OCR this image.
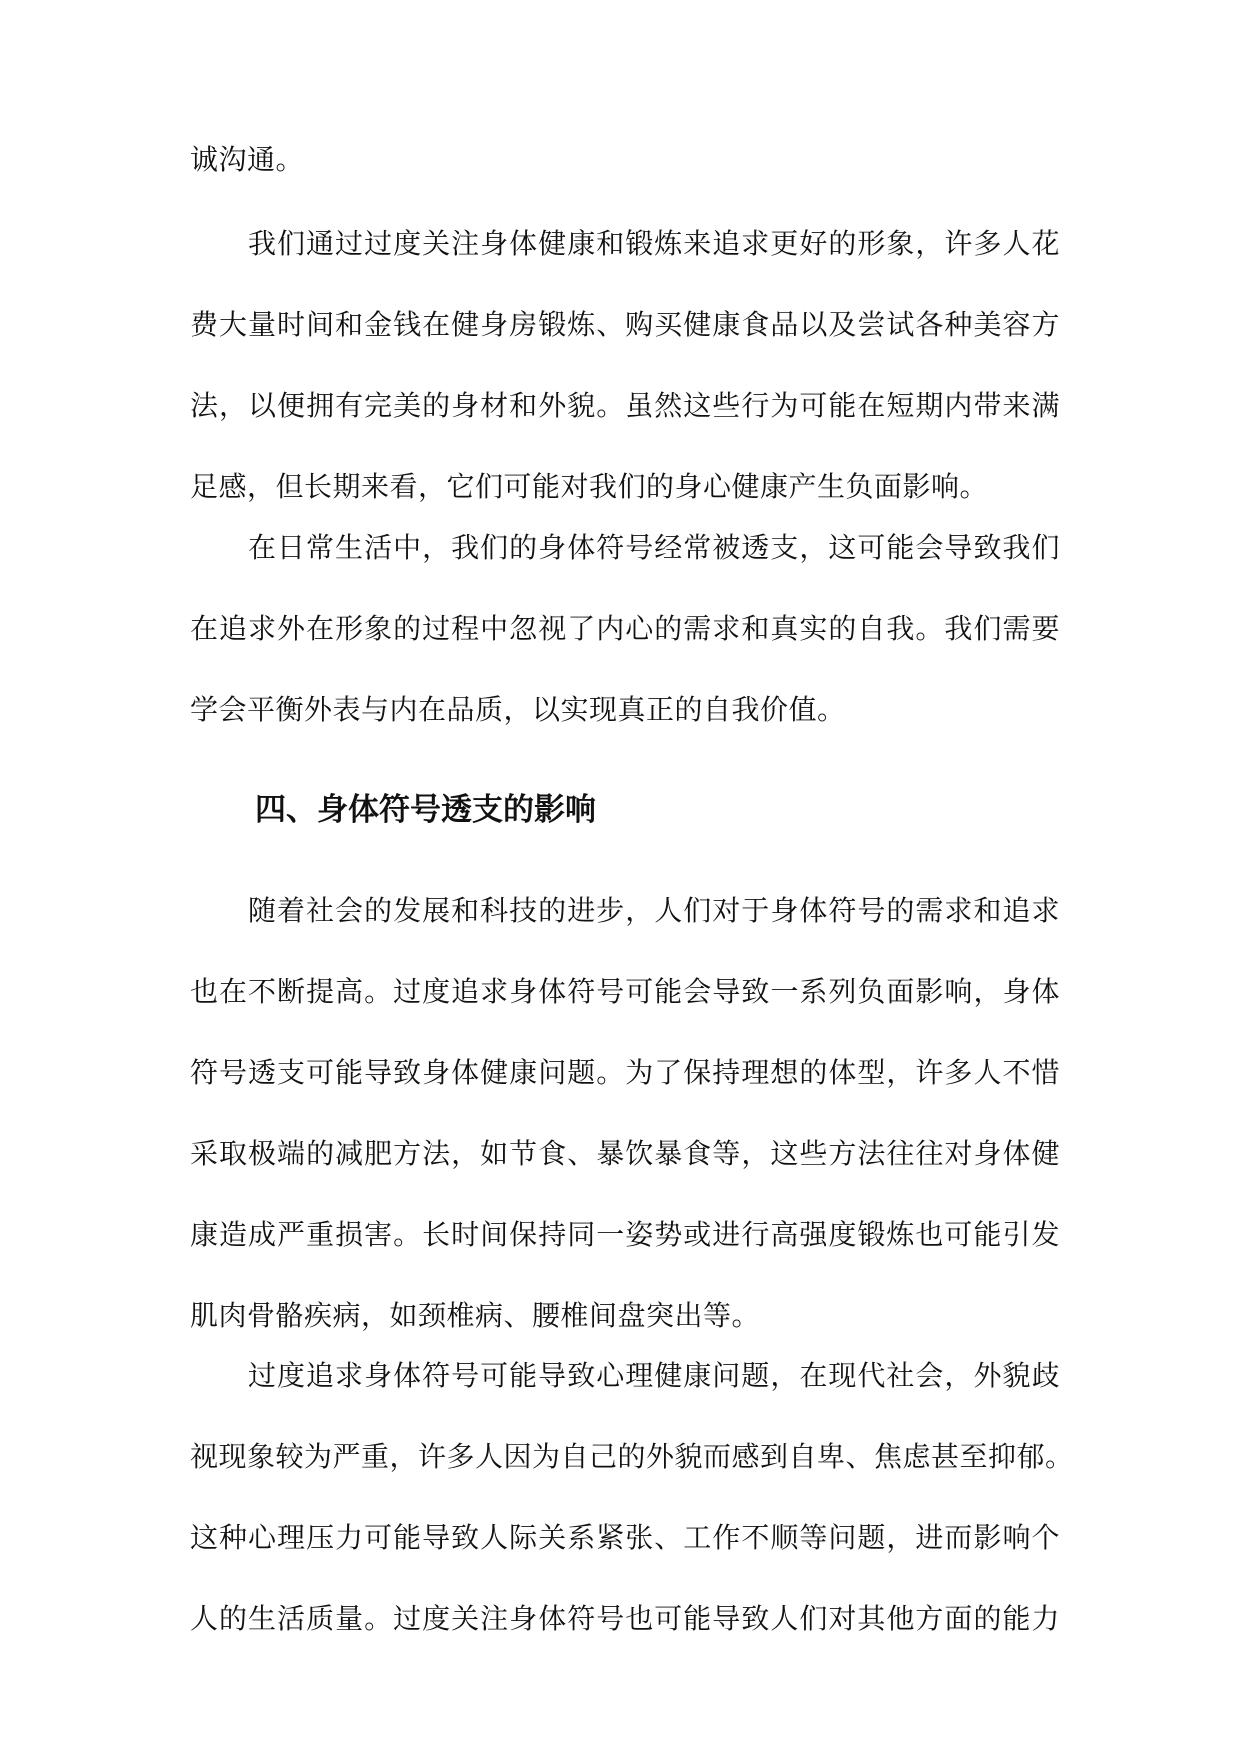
诚沟通。
我们通过过度关注身体健康和锻炼来追求更好的形象，许多人花
费大量时间和金钱在健身房锻炼、购买健康食品以及尝试各种美容方
法，以便拥有完美的身材和外貌。虽然这些行为可能在短期内带来满
足感，但长期来看，它们可能对我们的身心健康产生负面影响。
在日常生活中，我们的身体符号经常被透支，这可能会导致我们
在追求外在形象的过程中忽视了内心的需求和真实的自我。我们需要
学会平衡外表与内在品质，以实现真正的自我价值。
四、身体符号透支的影响
随着社会的发展和科技的进步，人们对于身体符号的需求和追求
也在不断提高。过度追求身体符号可能会导致一系列负面影响，身体
符号透支可能导致身体健康问题。为了保持理想的体型，许多人不惜
采取极端的减肥方法，如节食、暴饮暴食等，这些方法往往对身体健
康造成严重损害。长时间保持同一姿势或进行高强度锻炼也可能引发
肌肉骨骼疾病，如颈椎病、腰椎间盘突出等。
过度追求身体符号可能导致心理健康问题，在现代社会，外貌歧
视现象较为严重，许多人因为自己的外貌而感到自卑、焦虑甚至抑郁。
这种心理压力可能导致人际关系紧张、工作不顺等问题，进而影响个
人的生活质量。过度关注身体符号也可能导致人们对其他方面的能力
